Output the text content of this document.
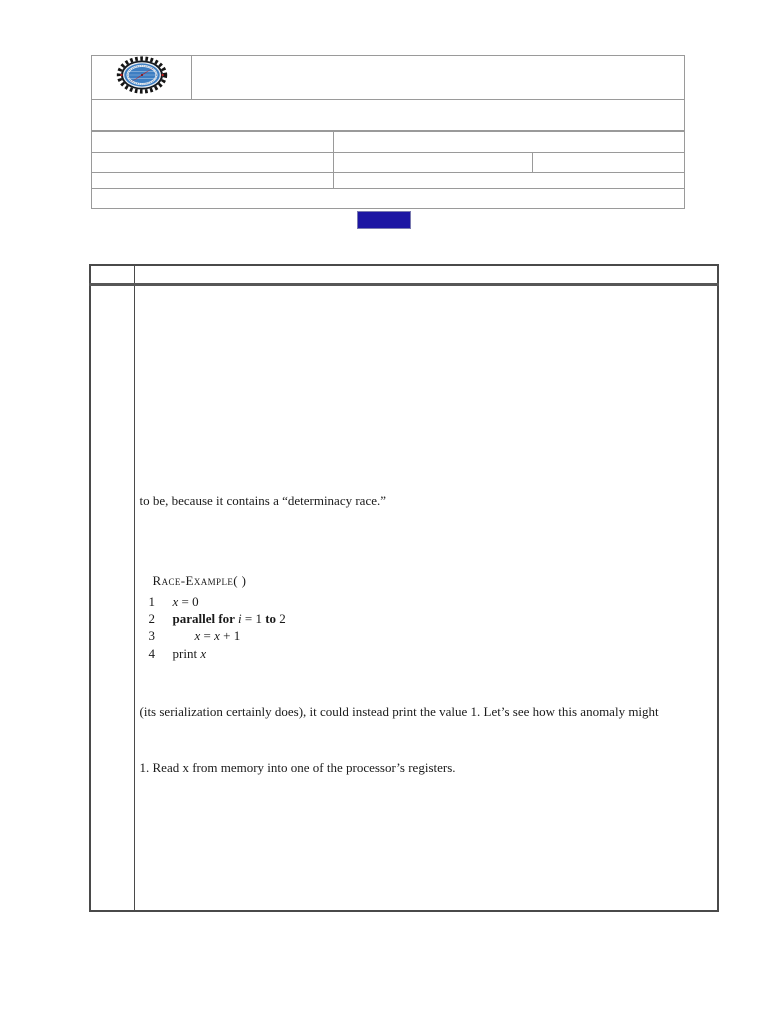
to be, because it contains a “determinacy race.”
Race-Example( )
1 x = 0
2 parallel for i = 1 to 2
3	x = x + 1
4 print x
(its serialization certainly does), it could instead print the value 1. Let’s see how this anomaly might
1. Read x from memory into one of the processor’s registers.
